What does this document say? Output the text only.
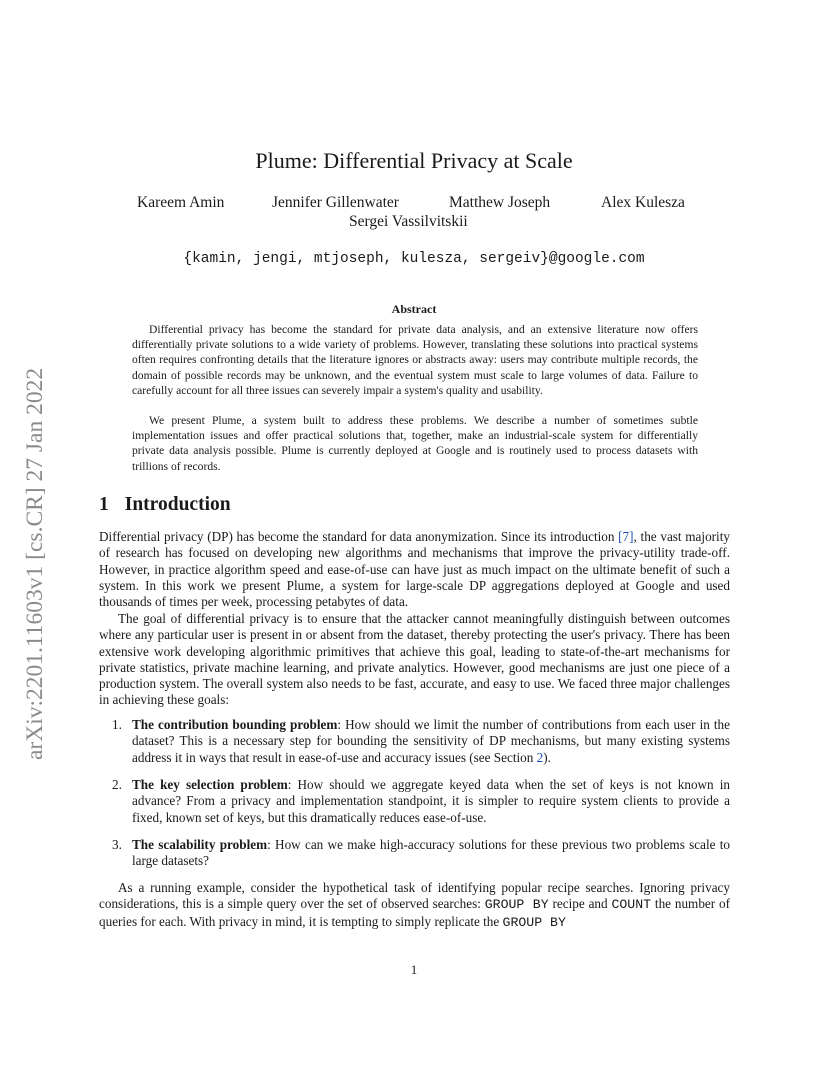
arXiv:2201.11603v1 [cs.CR] 27 Jan 2022
Plume: Differential Privacy at Scale
Kareem Amin	Jennifer Gillenwater	Matthew Joseph	Alex Kulesza
Sergei Vassilvitskii
{kamin, jengi, mtjoseph, kulesza, sergeiv}@google.com
Abstract

Differential privacy has become the standard for private data analysis, and an extensive literature now offers differentially private solutions to a wide variety of problems. However, translating these solutions into practical systems often requires confronting details that the literature ignores or abstracts away: users may contribute multiple records, the domain of possible records may be unknown, and the eventual system must scale to large volumes of data. Failure to carefully account for all three issues can severely impair a system's quality and usability.

We present Plume, a system built to address these problems. We describe a number of sometimes subtle implementation issues and offer practical solutions that, together, make an industrial-scale system for differentially private data analysis possible. Plume is currently deployed at Google and is routinely used to process datasets with trillions of records.

1 Introduction

Differential privacy (DP) has become the standard for data anonymization. Since its introduction [7], the vast majority of research has focused on developing new algorithms and mechanisms that improve the privacy-utility trade-off. However, in practice algorithm speed and ease-of-use can have just as much impact on the ultimate benefit of such a system. In this work we present Plume, a system for large-scale DP aggregations deployed at Google and used thousands of times per week, processing petabytes of data.

The goal of differential privacy is to ensure that the attacker cannot meaningfully distinguish between outcomes where any particular user is present in or absent from the dataset, thereby protecting the user's privacy. There has been extensive work developing algorithmic primitives that achieve this goal, leading to state-of-the-art mechanisms for private statistics, private machine learning, and private analytics. However, good mechanisms are just one piece of a production system. The overall system also needs to be fast, accurate, and easy to use. We faced three major challenges in achieving these goals:

1. The contribution bounding problem: How should we limit the number of contributions from each user in the dataset? This is a necessary step for bounding the sensitivity of DP mechanisms, but many existing systems address it in ways that result in ease-of-use and accuracy issues (see Section 2).
2. The key selection problem: How should we aggregate keyed data when the set of keys is not known in advance? From a privacy and implementation standpoint, it is simpler to require system clients to provide a fixed, known set of keys, but this dramatically reduces ease-of-use.
3. The scalability problem: How can we make high-accuracy solutions for these previous two problems scale to large datasets?

As a running example, consider the hypothetical task of identifying popular recipe searches. Ignoring privacy considerations, this is a simple query over the set of observed searches: GROUP BY recipe and COUNT the number of queries for each. With privacy in mind, it is tempting to simply replicate the GROUP BY

1
